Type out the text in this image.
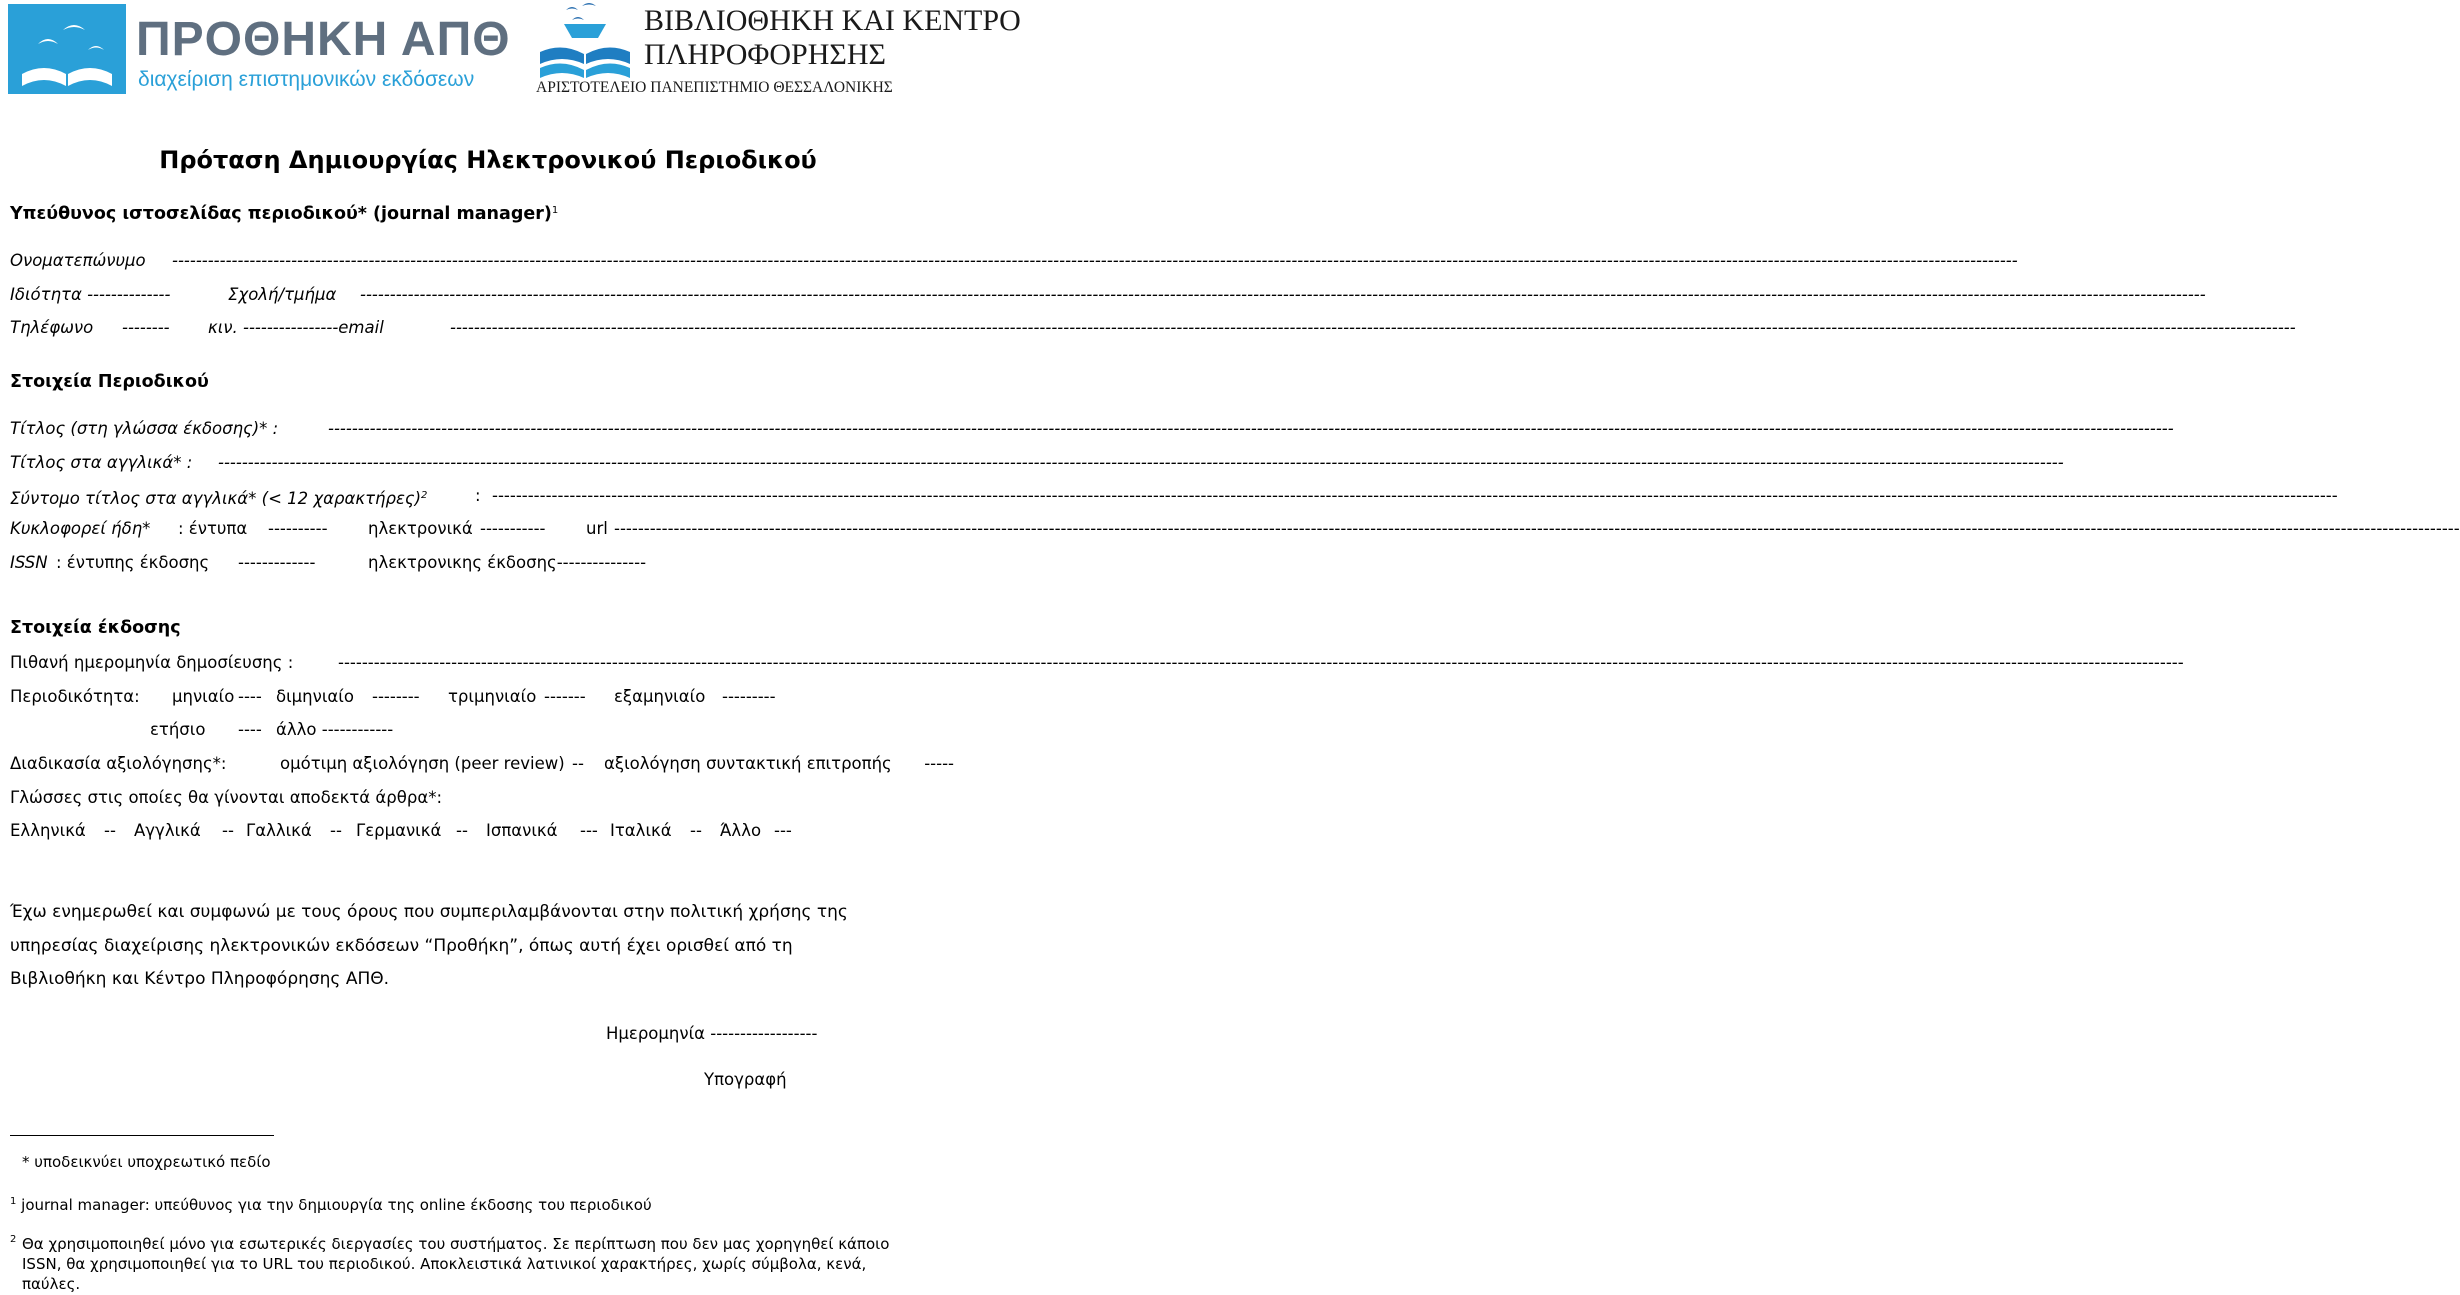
ΠΡΟΘΗΚΗ ΑΠΘ
διαχείριση επιστημονικών εκδόσεων
ΒΙΒΛΙΟΘΗΚΗ ΚΑΙ ΚΕΝΤΡΟ
ΠΛΗΡΟΦΟΡΗΣΗΣ
ΑΡΙΣΤΟΤΕΛΕΙΟ ΠΑΝΕΠΙΣΤΗΜΙΟ ΘΕΣΣΑΛΟΝΙΚΗΣ
Πρόταση Δημιουργίας Ηλεκτρονικού Περιοδικού
Υπεύθυνος ιστοσελίδας περιοδικού* (journal manager)$^1$
Ονοματεπώνυμο
-----
Ιδιότητα --------------	Σχολή/τμήμα
-----
Τηλέφωνο -------- κιν. ----------------email
-----
Στοιχεία Περιοδικού
Τίτλος (στη γλώσσα έκδοσης)* :
-----
Τίτλος στα αγγλικά* :
-----
Σύντομο τίτλος στα αγγλικά* (< 12 χαρακτήρες)$^2$	:
-----
Κυκλοφορεί ήδη* : έντυπα ---------- ηλεκτρονικά ----------- url
-----
ISSN : έντυπης έκδοσης -------------	ηλεκτρονικης έκδοσης---------------
Στοιχεία έκδοσης
Πιθανή ημερομηνία δημοσίευσης :
-----
Περιοδικότητα: μηνιαίο ---- διμηνιαίο -------- τριμηνιαίο ------- εξαμηνιαίο ---------
ετήσιο ---- άλλο ------------
Διαδικασία αξιολόγησης*:	ομότιμη αξιολόγηση (peer review) -- αξιολόγηση συντακτική επιτροπής -----
Γλώσσες στις οποίες θα γίνονται αποδεκτά άρθρα*:
Ελληνικά -- Αγγλικά -- Γαλλικά -- Γερμανικά -- Ισπανικά --- Ιταλικά -- Άλλο ---
Έχω ενημερωθεί και συμφωνώ με τους όρους που συμπεριλαμβάνονται στην πολιτική χρήσης της
υπηρεσίας διαχείρισης ηλεκτρονικών εκδόσεων “Προθήκη”, όπως αυτή έχει ορισθεί από τη
Βιβλιοθήκη και Κέντρο Πληροφόρησης ΑΠΘ.
Ημερομηνία ------------------
Υπογραφή
* υποδεικνύει υποχρεωτικό πεδίο
$^1$ journal manager: υπεύθυνος για την δημιουργία της online έκδοσης του περιοδικού
2 Θα χρησιμοποιηθεί μόνο για εσωτερικές διεργασίες του συστήματος. Σε περίπτωση που δεν μας χορηγηθεί κάποιο
ISSN, θα χρησιμοποιηθεί για το URL του περιοδικού. Αποκλειστικά λατινικοί χαρακτήρες, χωρίς σύμβολα, κενά,
παύλες.
